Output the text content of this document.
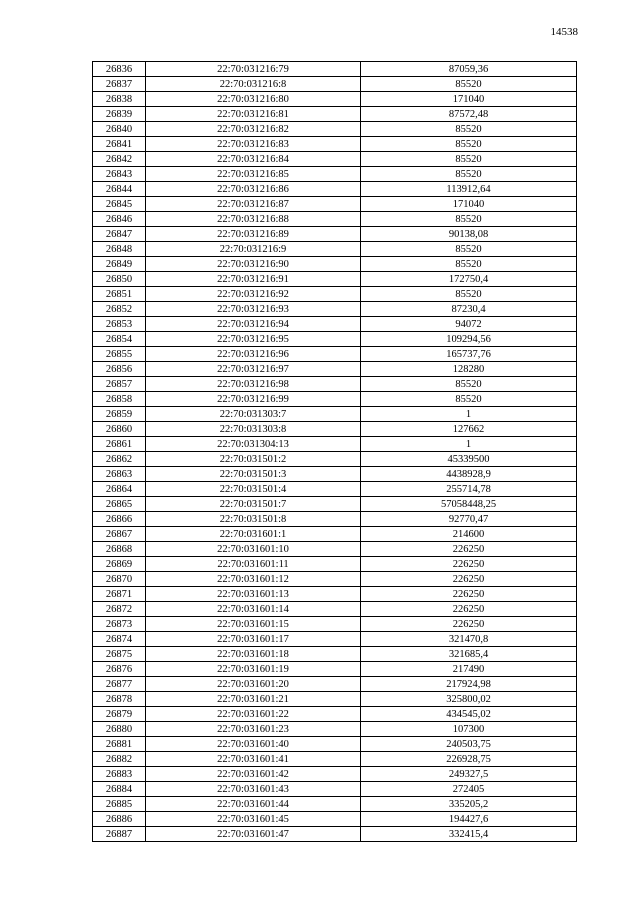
14538
26836	22:70:031216:79	87059,36
26837	22:70:031216:8	85520
26838	22:70:031216:80	171040
26839	22:70:031216:81	87572,48
26840	22:70:031216:82	85520
26841	22:70:031216:83	85520
26842	22:70:031216:84	85520
26843	22:70:031216:85	85520
26844	22:70:031216:86	113912,64
26845	22:70:031216:87	171040
26846	22:70:031216:88	85520
26847	22:70:031216:89	90138,08
26848	22:70:031216:9	85520
26849	22:70:031216:90	85520
26850	22:70:031216:91	172750,4
26851	22:70:031216:92	85520
26852	22:70:031216:93	87230,4
26853	22:70:031216:94	94072
26854	22:70:031216:95	109294,56
26855	22:70:031216:96	165737,76
26856	22:70:031216:97	128280
26857	22:70:031216:98	85520
26858	22:70:031216:99	85520
26859	22:70:031303:7	1
26860	22:70:031303:8	127662
26861	22:70:031304:13	1
26862	22:70:031501:2	45339500
26863	22:70:031501:3	4438928,9
26864	22:70:031501:4	255714,78
26865	22:70:031501:7	57058448,25
26866	22:70:031501:8	92770,47
26867	22:70:031601:1	214600
26868	22:70:031601:10	226250
26869	22:70:031601:11	226250
26870	22:70:031601:12	226250
26871	22:70:031601:13	226250
26872	22:70:031601:14	226250
26873	22:70:031601:15	226250
26874	22:70:031601:17	321470,8
26875	22:70:031601:18	321685,4
26876	22:70:031601:19	217490
26877	22:70:031601:20	217924,98
26878	22:70:031601:21	325800,02
26879	22:70:031601:22	434545,02
26880	22:70:031601:23	107300
26881	22:70:031601:40	240503,75
26882	22:70:031601:41	226928,75
26883	22:70:031601:42	249327,5
26884	22:70:031601:43	272405
26885	22:70:031601:44	335205,2
26886	22:70:031601:45	194427,6
26887	22:70:031601:47	332415,4
